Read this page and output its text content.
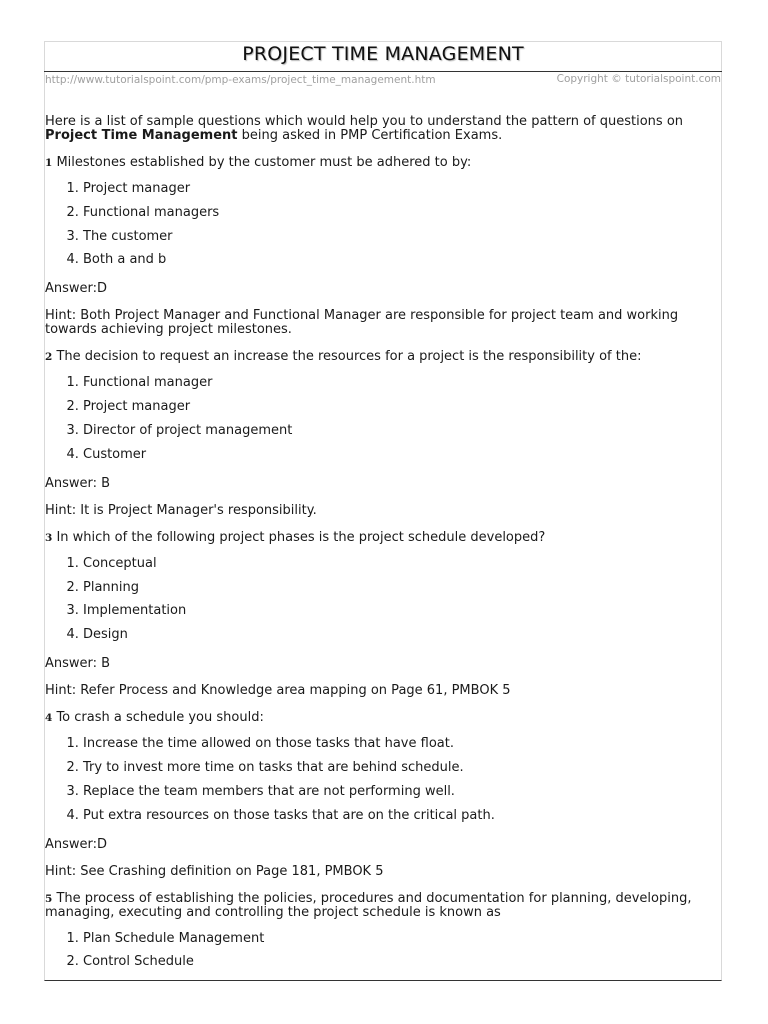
PROJECT TIME MANAGEMENT
http://www.tutorialspoint.com/pmp-exams/project_time_management.htm	Copyright © tutorialspoint.com

Here is a list of sample questions which would help you to understand the pattern of questions on Project Time Management being asked in PMP Certification Exams.

1 Milestones established by the customer must be adhered to by:

1. Project manager
2. Functional managers
3. The customer
4. Both a and b

Answer:D

Hint: Both Project Manager and Functional Manager are responsible for project team and working towards achieving project milestones.

2 The decision to request an increase the resources for a project is the responsibility of the:

1. Functional manager
2. Project manager
3. Director of project management
4. Customer

Answer: B

Hint: It is Project Manager's responsibility.

3 In which of the following project phases is the project schedule developed?

1. Conceptual
2. Planning
3. Implementation
4. Design

Answer: B

Hint: Refer Process and Knowledge area mapping on Page 61, PMBOK 5

4 To crash a schedule you should:

1. Increase the time allowed on those tasks that have float.
2. Try to invest more time on tasks that are behind schedule.
3. Replace the team members that are not performing well.
4. Put extra resources on those tasks that are on the critical path.

Answer:D

Hint: See Crashing definition on Page 181, PMBOK 5

5 The process of establishing the policies, procedures and documentation for planning, developing, managing, executing and controlling the project schedule is known as

1. Plan Schedule Management
2. Control Schedule
